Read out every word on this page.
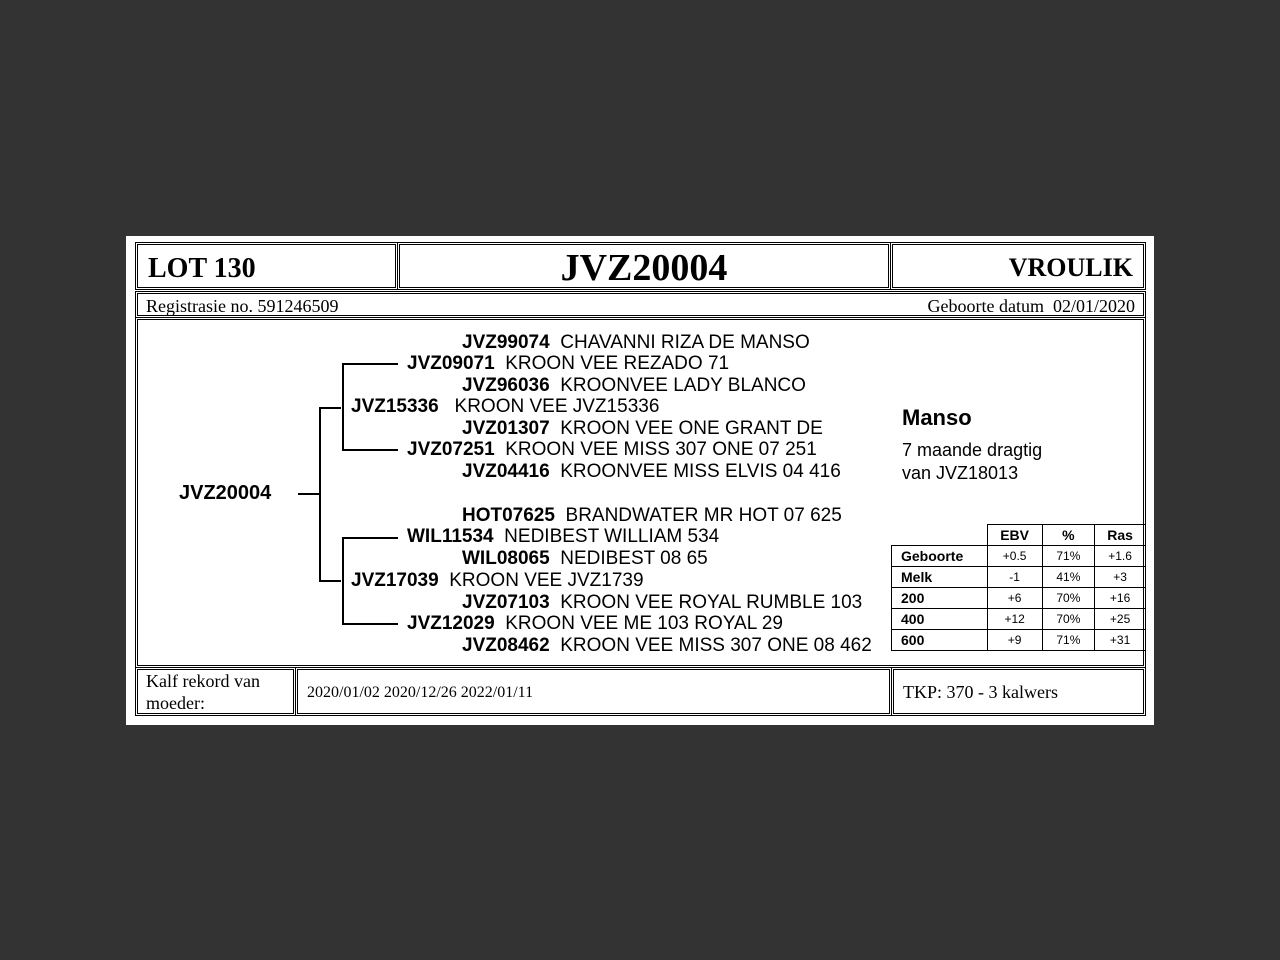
LOT 130	JVZ20004	VROULIK
Registrasie no. 591246509	Geboorte datum 02/01/2020
JVZ20004
JVZ15336 KROON VEE JVZ15336
JVZ09071 KROON VEE REZADO 71
JVZ07251 KROON VEE MISS 307 ONE 07 251
JVZ99074 CHAVANNI RIZA DE MANSO
JVZ96036 KROONVEE LADY BLANCO
JVZ01307 KROON VEE ONE GRANT DE
JVZ04416 KROONVEE MISS ELVIS 04 416
JVZ17039 KROON VEE JVZ1739
WIL11534 NEDIBEST WILLIAM 534
JVZ12029 KROON VEE ME 103 ROYAL 29
HOT07625 BRANDWATER MR HOT 07 625
WIL08065 NEDIBEST 08 65
JVZ07103 KROON VEE ROYAL RUMBLE 103
JVZ08462 KROON VEE MISS 307 ONE 08 462
Manso
7 maande dragtig
van JVZ18013
	EBV	%	Ras
Geboorte	+0.5	71%	+1.6
Melk	-1	41%	+3
200	+6	70%	+16
400	+12	70%	+25
600	+9	71%	+31
Kalf rekord van
moeder:
2020/01/02 2020/12/26 2022/01/11	TKP: 370 - 3 kalwers
